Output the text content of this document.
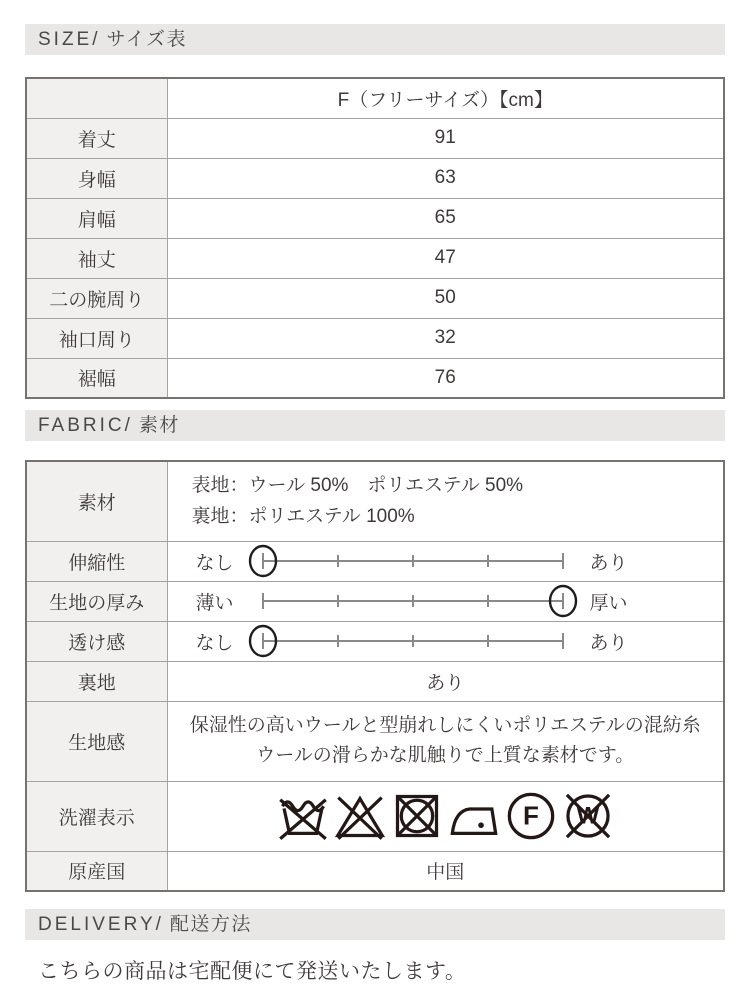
SIZE/ サイズ表
	F（フリーサイズ）【cm】
着丈	91
身幅	63
肩幅	65
袖丈	47
二の腕周り	50
袖口周り	32
裾幅	76
FABRIC/ 素材
素材	表地：ウール 50%　ポリエステル 50%
裏地：ポリエステル 100%

伸縮性	なし あり

生地の厚み	薄い 厚い

透け感	なし あり

裏地	あり
生地感	保湿性の高いウールと型崩れしにくいポリエステルの混紡糸
ウールの滑らかな肌触りで上質な素材です。

洗濯表示	F W

原産国	中国
DELIVERY/ 配送方法

こちらの商品は宅配便にて発送いたします。
